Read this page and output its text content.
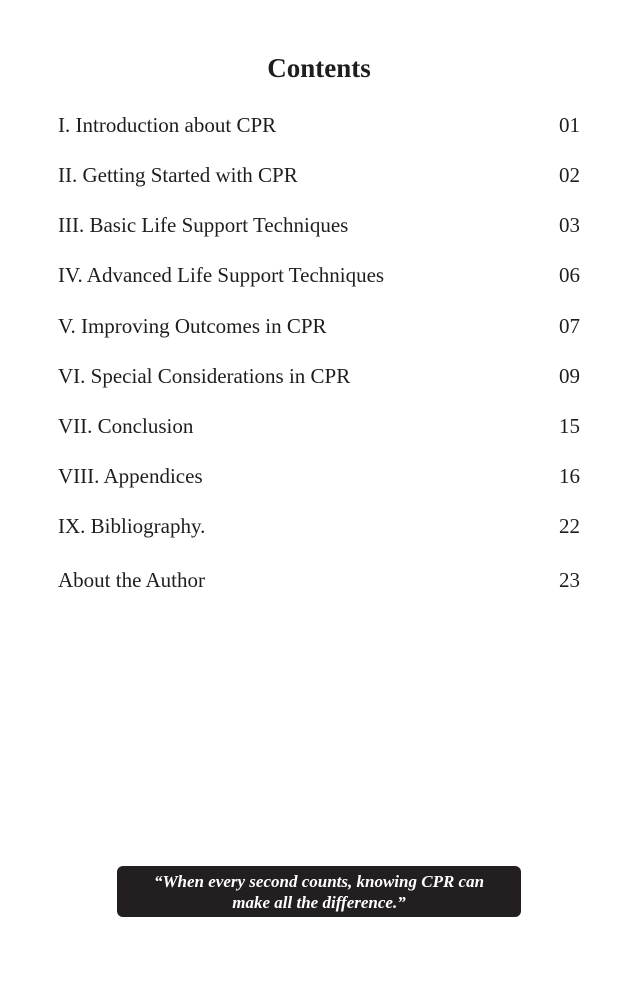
Contents
I. Introduction about CPR	01
II. Getting Started with CPR	02
III. Basic Life Support Techniques	03
IV. Advanced Life Support Techniques	06
V. Improving Outcomes in CPR	07
VI. Special Considerations in CPR	09
VII. Conclusion	15
VIII. Appendices	16
IX. Bibliography.	22
About the Author	23
“When every second counts, knowing CPR can
make all the difference.”
